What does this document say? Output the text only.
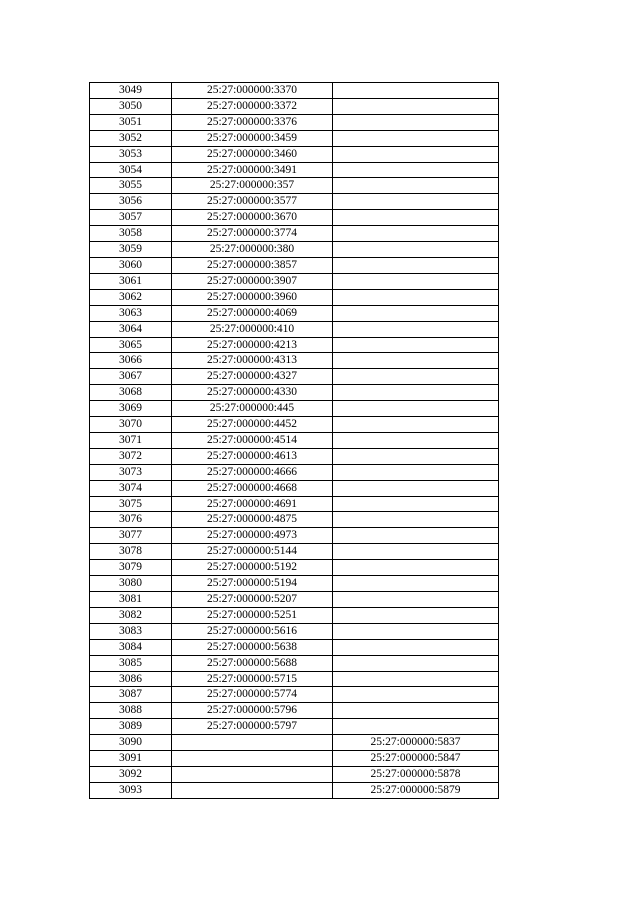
3049	25:27:000000:3370	
3050	25:27:000000:3372	
3051	25:27:000000:3376	
3052	25:27:000000:3459	
3053	25:27:000000:3460	
3054	25:27:000000:3491	
3055	25:27:000000:357	
3056	25:27:000000:3577	
3057	25:27:000000:3670	
3058	25:27:000000:3774	
3059	25:27:000000:380	
3060	25:27:000000:3857	
3061	25:27:000000:3907	
3062	25:27:000000:3960	
3063	25:27:000000:4069	
3064	25:27:000000:410	
3065	25:27:000000:4213	
3066	25:27:000000:4313	
3067	25:27:000000:4327	
3068	25:27:000000:4330	
3069	25:27:000000:445	
3070	25:27:000000:4452	
3071	25:27:000000:4514	
3072	25:27:000000:4613	
3073	25:27:000000:4666	
3074	25:27:000000:4668	
3075	25:27:000000:4691	
3076	25:27:000000:4875	
3077	25:27:000000:4973	
3078	25:27:000000:5144	
3079	25:27:000000:5192	
3080	25:27:000000:5194	
3081	25:27:000000:5207	
3082	25:27:000000:5251	
3083	25:27:000000:5616	
3084	25:27:000000:5638	
3085	25:27:000000:5688	
3086	25:27:000000:5715	
3087	25:27:000000:5774	
3088	25:27:000000:5796	
3089	25:27:000000:5797	
3090		25:27:000000:5837
3091		25:27:000000:5847
3092		25:27:000000:5878
3093		25:27:000000:5879
